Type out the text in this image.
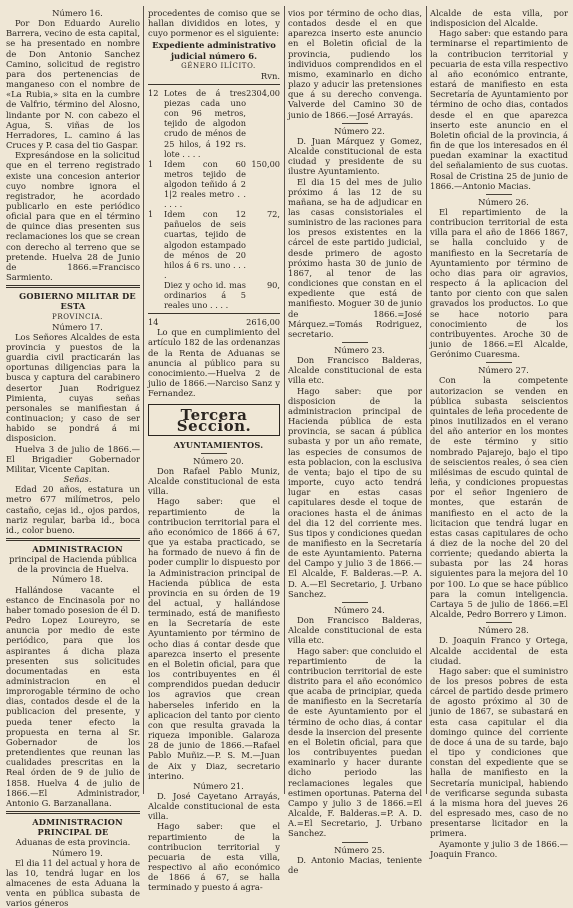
Número 16.

Por Don Eduardo Aurelio Barrera, vecino de esta capital, se ha presentado en nombre de Don Antonio Sanchez Camino, solicitud de registro para dos pertenencias de manganeso con el nombre de «La Rubia,» sita en la cumbre de Valfrio, término del Alosno, lindante por N. con cabezo el Agua, S. viñas de los Herradores, L. camino á las Cruces y P. casa del tio Gaspar.

Expresándose en la solicitud que en el terreno registrado existe una concesion anterior cuyo nombre ignora el registrador, he acordado publicarlo en este periódico oficial para que en el término de quince dias presenten sus reclamaciones los que se crean con derecho al terreno que se pretende. Huelva 28 de Junio de 1866.=Francisco Sarmiento.

GOBIERNO MILITAR DE ESTA

PROVINCIA.

Número 17.

Los Señores Alcaldes de esta provincia y puestos de la guardia civil practicarán las oportunas diligencias para la busca y captura del carabinero desertor Juan Rodriguez Pimienta, cuyas señas personales se manifiestan á continuacion; y caso de ser habido se pondrá á mi disposicion.

Huelva 3 de julio de 1866.—El Brigadier Gobernador Militar, Vicente Capitan.

Señas.

Edad 20 años, estatura un metro 677 milímetros, pelo castaño, cejas id., ojos pardos, nariz regular, barba id., boca id., color bueno.

ADMINISTRACION

principal de Hacienda pública de la provincia de Huelva.

Número 18.

Hallándose vacante el estanco de Encinasola por no haber tomado posesion de él D. Pedro Lopez Loureyro, se anuncia por medio de este periódico, para que los aspirantes á dicha plaza presenten sus solicitudes documentadas en esta administracion en el improrogable término de ocho dias, contados desde el de la publicacion del presente, y pueda tener efecto la propuesta en terna al Sr. Gobernador de los pretendientes que reunan las cualidades prescritas en la Real órden de 9 de julio de 1858. Huelva 4 de julio de 1866.—El Administrador, Antonio G. Barzanallana.

ADMINISTRACION PRINCIPAL DE

Aduanas de esta provincia.

Número 19.

El dia 11 del actual y hora de las 10, tendrá lugar en los almacenes de esta Aduana la venta en pública subasta de varios géneros

procedentes de comiso que se hallan divididos en lotes, y cuyo pormenor es el siguiente:

Expediente administrativo judicial número 6.

GÉNERO ILÍCITO.

Rvn.

12	Lotes de á tres piezas cada uno con 96 metros, tejido de algodon crudo de ménos de 25 hilos, á 192 rs. lote . . . .	2304,00
1	Idem con 60 metros tejido de algodon teñido á 2 1|2 reales metro . . . . . .	150,00
1	Idem con 12 pañuelos de seis cuartas, tejido de algodon estampado de ménos de 20 hilos á 6 rs. uno . . . .	72,
	Diez y ocho id. mas ordinarios á 5 reales uno . . . .	90,
14		2616,00

Lo que en cumplimiento del artículo 182 de las ordenanzas de la Renta de Aduanas se anuncia al público para su conocimiento.—Huelva 2 de julio de 1866.—Narciso Sanz y Fernandez.

Tercera Seccion.

AYUNTAMIENTOS.

Número 20.

Don Rafael Pablo Muniz, Alcalde constitucional de esta villa.

Hago saber: que el repartimiento de la contribucion territorial para el año económico de 1866 á 67, que ya estaba practicado, se ha formado de nuevo á fin de poder cumplir lo dispuesto por la Administracion principal de Hacienda pública de esta provincia en su órden de 19 del actual, y hallándose terminado, está de manifiesto en la Secretaría de este Ayuntamiento por término de ocho dias á contar desde que aparezca inserto el presente en el Boletin oficial, para que los contribuyentes en él comprendidos puedan deducir los agravios que crean haberseles inferido en la aplicacion del tanto por ciento con que resulta gravada la riqueza imponible. Galaroza 28 de junio de 1866.—Rafael Pablo Muñiz.—P. S. M.—Juan de Aix y Diaz, secretario interino.

Número 21.

D. José Cayetano Arrayás, Alcalde constitucional de esta villa.

Hago saber: que el repartimiento de la contribucion territorial y pecuaria de esta villa, respectivo al año económico de 1866 á 67, se halla terminado y puesto á agra-

vios por término de ocho dias, contados desde el en que aparezca inserto este anuncio en el Boletin oficial de la provincia, pudiendo los individuos comprendidos en el mismo, examinarlo en dicho plazo y aducir las pretensiones que á su derecho convenga. Valverde del Camino 30 de junio de 1866.—José Arrayás.

Número 22.

D. Juan Márquez y Gomez, Alcalde constitucional de esta ciudad y presidente de su ilustre Ayuntamiento.

El dia 15 del mes de julio próximo á las 12 de su mañana, se ha de adjudicar en las casas consistoriales el suministro de las raciones para los presos existentes en la cárcel de este partido judicial, desde primero de agosto próximo hasta 30 de junio de 1867, al tenor de las condiciones que constan en el expediente que está de manifiesto. Moguer 30 de junio de 1866.=José Márquez.=Tomás Rodriguez, secretario.

Número 23.

Don Francisco Balderas, Alcalde constitucional de esta villa etc.

Hago saber: que por disposicion de la administracion principal de Hacienda pública de esta provincia, se sacan á pública subasta y por un año remate, las especies de consumos de esta poblacion, con la esclusiva de venta; bajo el tipo de su importe, cuyo acto tendrá lugar en estas casas capitulares desde el toque de oraciones hasta el de ánimas del dia 12 del corriente mes. Sus tipos y condiciones quedan de manifiesto en la Secretaría de este Ayuntamiento. Paterna del Campo y julio 3 de 1866.—El Alcalde, F. Balderas.—P. A. D. A.—El Secretario, J. Urbano Sanchez.

Número 24.

Don Francisco Balderas, Alcalde constitucional de esta villa etc.

Hago saber: que concluido el repartimiento de la contribucion territorial de este distrito para el año económico que acaba de principiar, queda de manifiesto en la Secretaría de este Ayuntamiento por el término de ocho dias, á contar desde la insercion del presente en el Boletin oficial, para que los contribuyentes puedan examinarlo y hacer durante dicho periodo las reclamaciones legales que estimen oportunas. Paterna del Campo y julio 3 de 1866.=El Alcalde, F. Balderas.=P. A. D. A.=El Secretario, J. Urbano Sanchez.

Número 25.

D. Antonio Macias, teniente de

Alcalde de esta villa, por indisposicion del Alcalde.

Hago saber: que estando para terminarse el repartimiento de la contribucion territorial y pecuaria de esta villa respectivo al año económico entrante, estará de manifiesto en esta Secretaría de Ayuntamiento por término de ocho dias, contados desde el en que aparezca inserto este anuncio en el Boletin oficial de la provincia, á fin de que los interesados en él puedan examinar la exactitud del señalamiento de sus cuotas. Rosal de Cristina 25 de junio de 1866.—Antonio Macias.

Número 26.

El repartimiento de la contribucion territorial de esta villa para el año de 1866 1867, se halla concluido y de manifiesto en la Secretaría de Ayuntamiento por término de ocho dias para oir agravios, respecto á la aplicacion del tanto por ciento con que salen gravados los productos. Lo que se hace notorio para conocimiento de los contribuyentes. Aroche 30 de junio de 1866.=El Alcalde, Gerónimo Cuaresma.

Número 27.

Con la competente autorizacion se venden en pública subasta seiscientos quintales de leña procedente de pinos inutilizados en el verano del año anterior en los montes de este término y sitio nombrado Pajarejo, bajo el tipo de seiscientos reales, ó sea cien milésimas de escudo quintal de leña, y condiciones propuestas por el señor Ingeniero de montes, que estarán de manifiesto en el acto de la licitacion que tendrá lugar en estas casas capitulares de ocho á diez de la noche del 20 del corriente; quedando abierta la subasta por las 24 horas siguientes para la mejora del 10 por 100. Lo que se hace público para la comun inteligencia. Cartaya 5 de julio de 1866.=El Alcalde, Pedro Borrero y Limon.

Número 28.

D. Joaquin Franco y Ortega, Alcalde accidental de esta ciudad.

Hago saber: que el suministro de los presos pobres de esta cárcel de partido desde primero de agosto próximo al 30 de junio de 1867, se subastará en esta casa capitular el dia domingo quince del corriente de doce á una de su tarde, bajo el tipo y condiciones que constan del expediente que se halla de manifiesto en la Secretaría municipal, habiendo de verificarse segunda subasta á la misma hora del jueves 26 del espresado mes, caso de no presentarse licitador en la primera.

Ayamonte y julio 3 de 1866.—Joaquin Franco.
